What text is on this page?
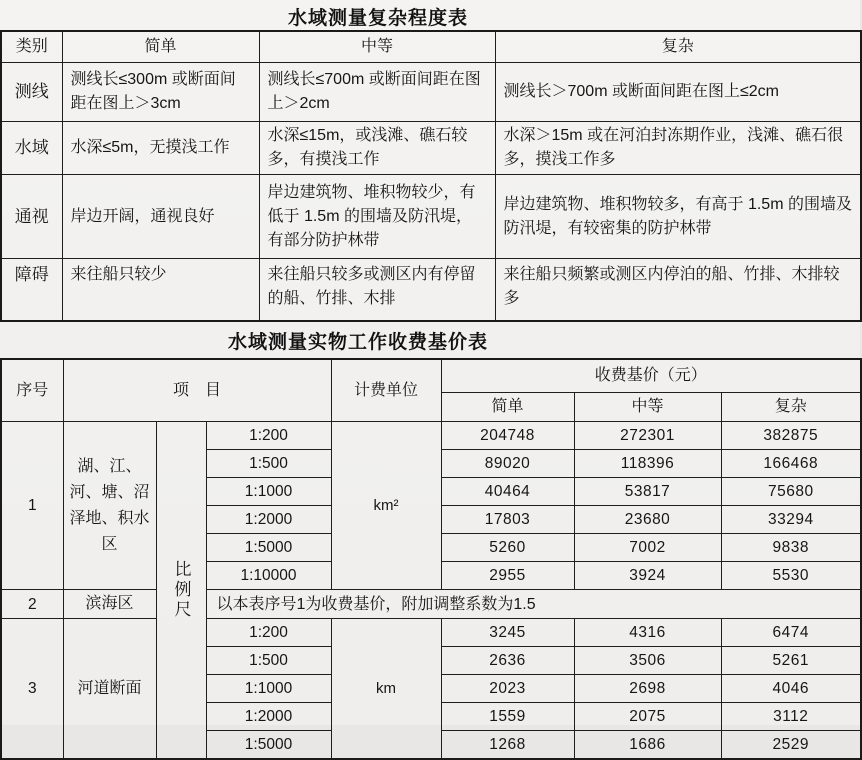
水域测量复杂程度表
类别	简单	中等	复杂
测线	测线长≤300m 或断面间距在图上＞3cm	测线长≤700m 或断面间距在图上＞2cm	测线长＞700m 或断面间距在图上≤2cm
水域	水深≤5m，无摸浅工作	水深≤15m，或浅滩、礁石较多，有摸浅工作	水深＞15m 或在河泊封冻期作业，浅滩、礁石很多，摸浅工作多
通视	岸边开阔，通视良好	岸边建筑物、堆积物较少，有低于 1.5m 的围墙及防汛堤，有部分防护林带	岸边建筑物、堆积物较多，有高于 1.5m 的围墙及防汛堤，有较密集的防护林带
障碍	来往船只较少	来往船只较多或测区内有停留的船、竹排、木排	来往船只频繁或测区内停泊的船、竹排、木排较多
水域测量实物工作收费基价表
序号	项　目			计费单位	收费基价（元）		
					简单	中等	复杂
1	湖、江、河、塘、沼泽地、积水区	比例尺	1:200	km²	204748	272301	382875
			1:500		89020	118396	166468
			1:1000		40464	53817	75680
			1:2000		17803	23680	33294
			1:5000		5260	7002	9838
			1:10000		2955	3924	5530
2	滨海区		以本表序号1为收费基价，附加调整系数为1.5				
3	河道断面		1:200	km	3245	4316	6474
			1:500		2636	3506	5261
			1:1000		2023	2698	4046
			1:2000		1559	2075	3112
			1:5000		1268	1686	2529
